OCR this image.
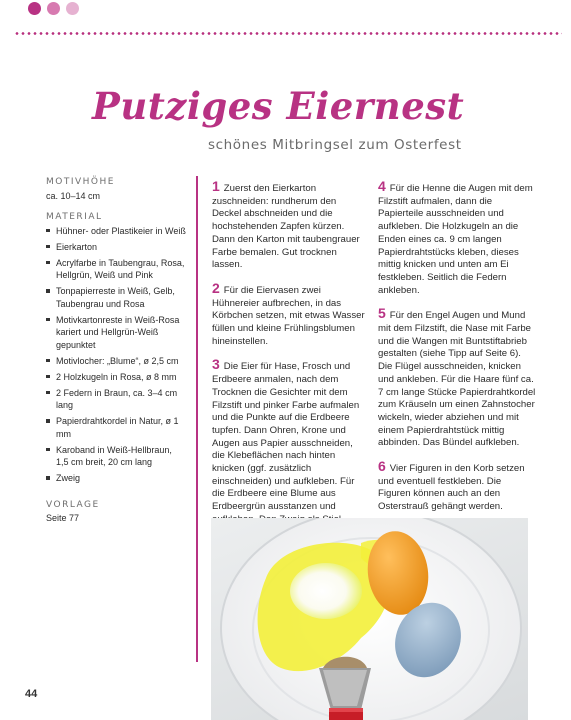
Putziges Eiernest
schönes Mitbringsel zum Osterfest
MOTIVHÖHE
ca. 10–14 cm
MATERIAL
Hühner- oder Plastikeier in Weiß
Eierkarton
Acrylfarbe in Taubengrau, Rosa, Hellgrün, Weiß und Pink
Tonpapierreste in Weiß, Gelb, Taubengrau und Rosa
Motivkartonreste in Weiß-Rosa kariert und Hellgrün-Weiß gepunktet
Motivlocher: „Blume“, ø 2,5 cm
2 Holzkugeln in Rosa, ø 8 mm
2 Federn in Braun, ca. 3–4 cm lang
Papierdrahtkordel in Natur, ø 1 mm
Karoband in Weiß-Hellbraun, 1,5 cm breit, 20 cm lang
Zweig
VORLAGE
Seite 77

1 Zuerst den Eierkarton zuschneiden: rundherum den Deckel abschneiden und die hochstehenden Zapfen kürzen. Dann den Karton mit taubengrauer Farbe bemalen. Gut trocknen lassen.

2 Für die Eiervasen zwei Hühnereier aufbrechen, in das Körbchen setzen, mit etwas Wasser füllen und kleine Frühlingsblumen hineinstellen.

3 Die Eier für Hase, Frosch und Erdbeere anmalen, nach dem Trocknen die Gesichter mit dem Filzstift und pinker Farbe aufmalen und die Punkte auf die Erdbeere tupfen. Dann Ohren, Krone und Augen aus Papier ausschneiden, die Klebeflächen nach hinten knicken (ggf. zusätzlich einschneiden) und aufkleben. Für die Erdbeere eine Blume aus Erdbeergrün ausstanzen und

4 Für die Henne die Augen mit dem Filzstift aufmalen, dann die Papierteile ausschneiden und aufkleben. Die Holzkugeln an die Enden eines ca. 9 cm langen Papierdrahtstücks kleben, dieses mittig knicken und unten am Ei festkleben. Seitlich die Federn ankleben.

5 Für den Engel Augen und Mund mit dem Filzstift, die Nase mit Farbe und die Wangen mit Buntstiftabrieb gestalten (siehe Tipp auf Seite 6). Die Flügel ausschneiden, knicken und ankleben. Für die Haare fünf ca. 7 cm lange Stücke Papierdrahtkordel zum Kräuseln um einen Zahnstocher wickeln, wieder abziehen und mit einem Papierdrahtstück mittig abbinden. Das Bündel aufkleben.

6 Vier Figuren in den Korb setzen und eventuell festkleben. Die Figuren können auch an den Osterstrauß gehängt werden.

44
